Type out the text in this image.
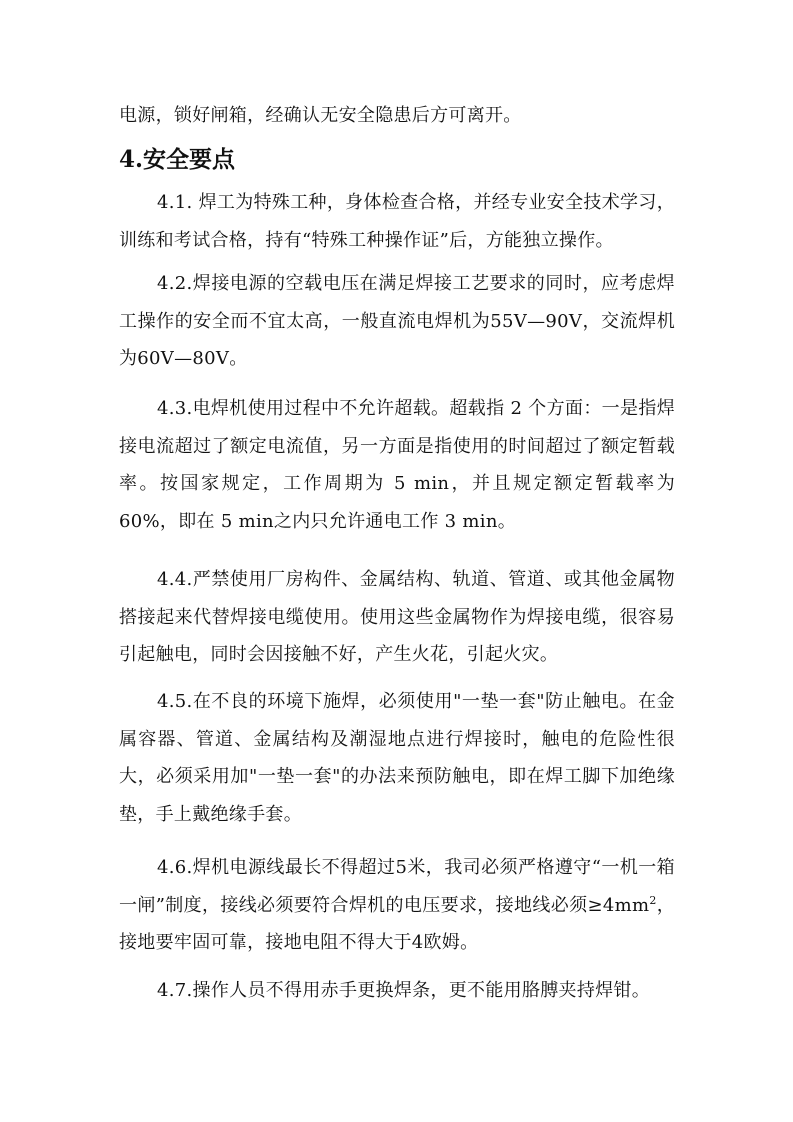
电源，锁好闸箱，经确认无安全隐患后方可离开。

4.安全要点

4.1. 焊工为特殊工种，身体检查合格，并经专业安全技术学习，训练和考试合格，持有“特殊工种操作证”后，方能独立操作。

4.2.焊接电源的空载电压在满足焊接工艺要求的同时，应考虑焊工操作的安全而不宜太高，一般直流电焊机为55V—90V，交流焊机为60V—80V。

4.3.电焊机使用过程中不允许超载。超载指 2 个方面：一是指焊接电流超过了额定电流值，另一方面是指使用的时间超过了额定暂载率。按国家规定，工作周期为 5 min，并且规定额定暂载率为 60%，即在 5 min之内只允许通电工作 3 min。

4.4.严禁使用厂房构件、金属结构、轨道、管道、或其他金属物搭接起来代替焊接电缆使用。使用这些金属物作为焊接电缆，很容易引起触电，同时会因接触不好，产生火花，引起火灾。

4.5.在不良的环境下施焊，必须使用"一垫一套"防止触电。在金属容器、管道、金属结构及潮湿地点进行焊接时，触电的危险性很大，必须采用加"一垫一套"的办法来预防触电，即在焊工脚下加绝缘垫，手上戴绝缘手套。

4.6.焊机电源线最长不得超过5米，我司必须严格遵守“一机一箱一闸”制度，接线必须要符合焊机的电压要求，接地线必须$\ge 4mm^2$，接地要牢固可靠，接地电阻不得大于4欧姆。

4.7.操作人员不得用赤手更换焊条，更不能用胳膊夹持焊钳。
